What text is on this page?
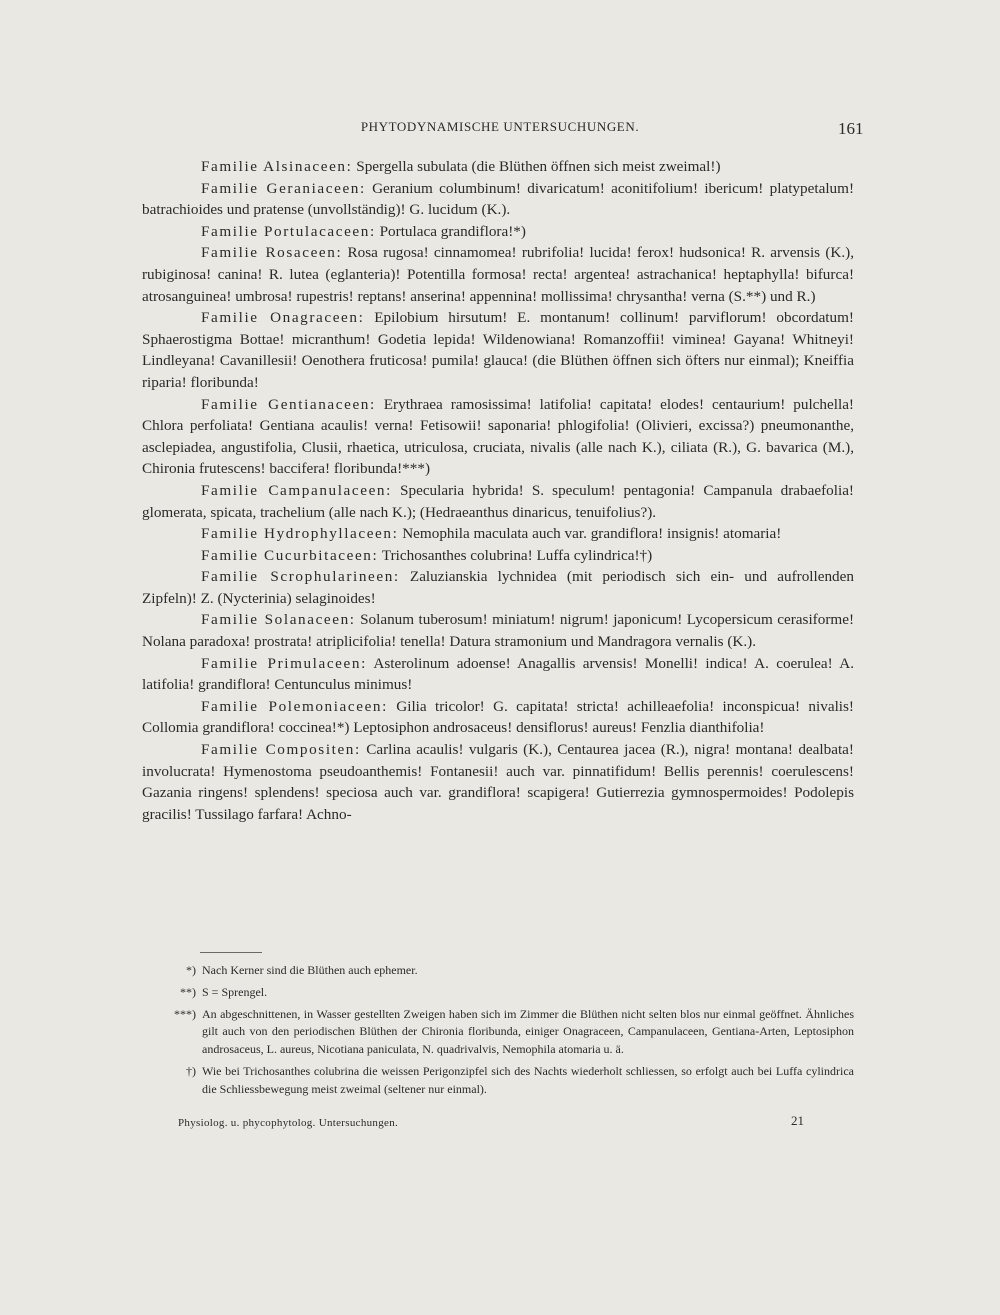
PHYTODYNAMISCHE UNTERSUCHUNGEN.	161

Familie Alsinaceen: Spergella subulata (die Blüthen öffnen sich meist zweimal!)

Familie Geraniaceen: Geranium columbinum! divaricatum! aconitifolium! ibericum! platypetalum! batrachioides und pratense (unvollständig)! G. lucidum (K.).

Familie Portulacaceen: Portulaca grandiflora!*)

Familie Rosaceen: Rosa rugosa! cinnamomea! rubrifolia! lucida! ferox! hudsonica! R. arvensis (K.), rubiginosa! canina! R. lutea (eglanteria)! Potentilla formosa! recta! argentea! astrachanica! heptaphylla! bifurca! atrosanguinea! umbrosa! rupestris! reptans! anserina! appennina! mollissima! chrysantha! verna (S.**) und R.)

Familie Onagraceen: Epilobium hirsutum! E. montanum! collinum! parviflorum! obcordatum! Sphaerostigma Bottae! micranthum! Godetia lepida! Wildenowiana! Romanzoffii! viminea! Gayana! Whitneyi! Lindleyana! Cavanillesii! Oenothera fruticosa! pumila! glauca! (die Blüthen öffnen sich öfters nur einmal); Kneiffia riparia! floribunda!

Familie Gentianaceen: Erythraea ramosissima! latifolia! capitata! elodes! centaurium! pulchella! Chlora perfoliata! Gentiana acaulis! verna! Fetisowii! saponaria! phlogifolia! (Olivieri, excissa?) pneumonanthe, asclepiadea, angustifolia, Clusii, rhaetica, utriculosa, cruciata, nivalis (alle nach K.), ciliata (R.), G. bavarica (M.), Chironia frutescens! baccifera! floribunda!***)

Familie Campanulaceen: Specularia hybrida! S. speculum! pentagonia! Campanula drabaefolia! glomerata, spicata, trachelium (alle nach K.); (Hedraeanthus dinaricus, tenuifolius?).

Familie Hydrophyllaceen: Nemophila maculata auch var. grandiflora! insignis! atomaria!

Familie Cucurbitaceen: Trichosanthes colubrina! Luffa cylindrica!†)

Familie Scrophularineen: Zaluzianskia lychnidea (mit periodisch sich ein- und aufrollenden Zipfeln)! Z. (Nycterinia) selaginoides!

Familie Solanaceen: Solanum tuberosum! miniatum! nigrum! japonicum! Lycopersicum cerasiforme! Nolana paradoxa! prostrata! atriplicifolia! tenella! Datura stramonium und Mandragora vernalis (K.).

Familie Primulaceen: Asterolinum adoense! Anagallis arvensis! Monelli! indica! A. coerulea! A. latifolia! grandiflora! Centunculus minimus!

Familie Polemoniaceen: Gilia tricolor! G. capitata! stricta! achilleaefolia! inconspicua! nivalis! Collomia grandiflora! coccinea!*) Leptosiphon androsaceus! densiflorus! aureus! Fenzlia dianthifolia!

Familie Compositen: Carlina acaulis! vulgaris (K.), Centaurea jacea (R.), nigra! montana! dealbata! involucrata! Hymenostoma pseudoanthemis! Fontanesii! auch var. pinnatifidum! Bellis perennis! coerulescens! Gazania ringens! splendens! speciosa auch var. grandiflora! scapigera! Gutierrezia gymnospermoides! Podolepis gracilis! Tussilago farfara! Achno-

*) Nach Kerner sind die Blüthen auch ephemer.
**) S = Sprengel.
***) An abgeschnittenen, in Wasser gestellten Zweigen haben sich im Zimmer die Blüthen nicht selten blos nur einmal geöffnet. Ähnliches gilt auch von den periodischen Blüthen der Chironia floribunda, einiger Onagraceen, Campanulaceen, Gentiana-Arten, Leptosiphon androsaceus, L. aureus, Nicotiana paniculata, N. quadrivalvis, Nemophila atomaria u. ä.
†) Wie bei Trichosanthes colubrina die weissen Perigonzipfel sich des Nachts wiederholt schliessen, so erfolgt auch bei Luffa cylindrica die Schliessbewegung meist zweimal (seltener nur einmal).
Physiolog. u. phycophytolog. Untersuchungen.	21
